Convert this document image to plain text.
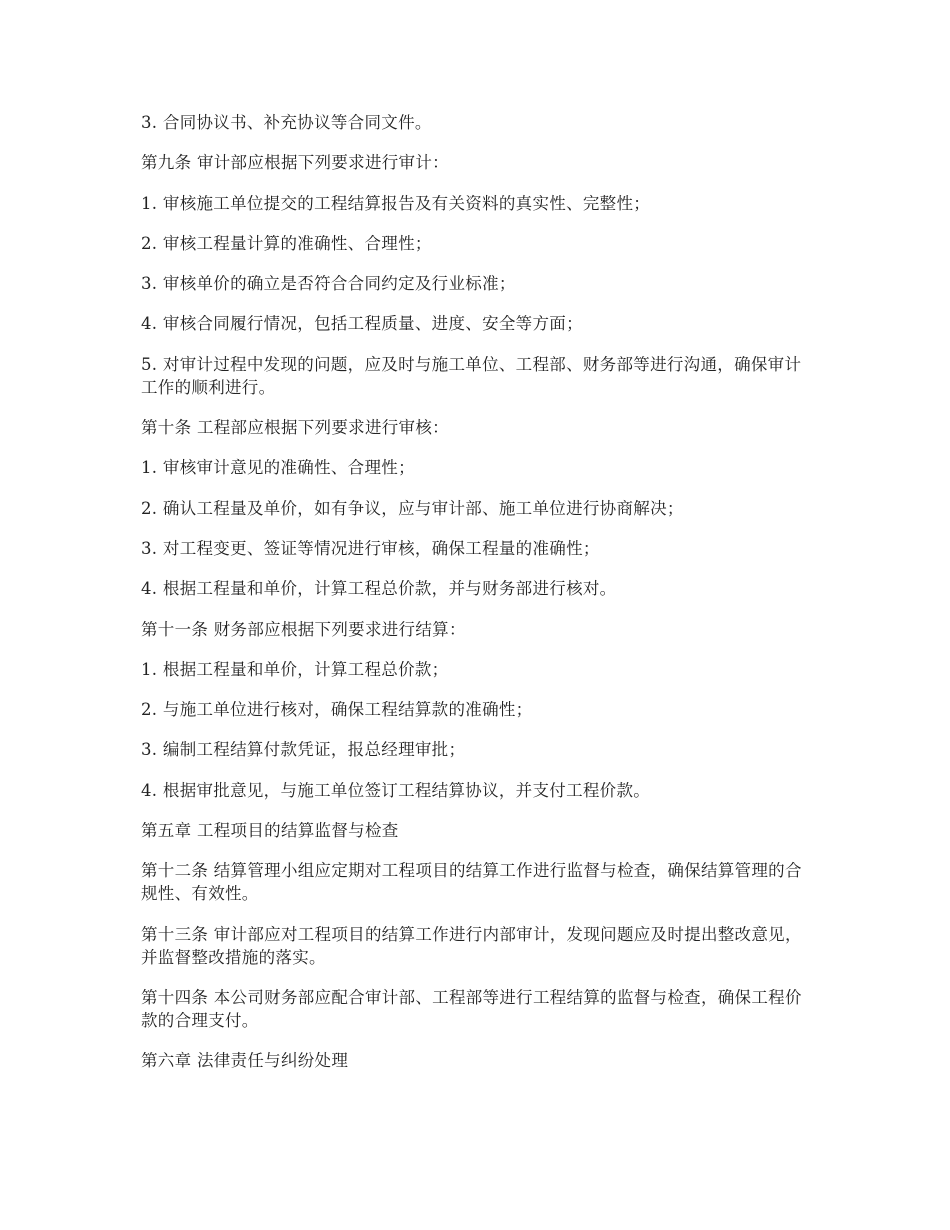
3. 合同协议书、补充协议等合同文件。

第九条 审计部应根据下列要求进行审计：

1. 审核施工单位提交的工程结算报告及有关资料的真实性、完整性；

2. 审核工程量计算的准确性、合理性；

3. 审核单价的确立是否符合合同约定及行业标准；

4. 审核合同履行情况，包括工程质量、进度、安全等方面；

5. 对审计过程中发现的问题，应及时与施工单位、工程部、财务部等进行沟通，确保审计工作的顺利进行。

第十条 工程部应根据下列要求进行审核：

1. 审核审计意见的准确性、合理性；

2. 确认工程量及单价，如有争议，应与审计部、施工单位进行协商解决；

3. 对工程变更、签证等情况进行审核，确保工程量的准确性；

4. 根据工程量和单价，计算工程总价款，并与财务部进行核对。

第十一条 财务部应根据下列要求进行结算：

1. 根据工程量和单价，计算工程总价款；

2. 与施工单位进行核对，确保工程结算款的准确性；

3. 编制工程结算付款凭证，报总经理审批；

4. 根据审批意见，与施工单位签订工程结算协议，并支付工程价款。

第五章 工程项目的结算监督与检查

第十二条 结算管理小组应定期对工程项目的结算工作进行监督与检查，确保结算管理的合规性、有效性。

第十三条 审计部应对工程项目的结算工作进行内部审计，发现问题应及时提出整改意见，并监督整改措施的落实。

第十四条 本公司财务部应配合审计部、工程部等进行工程结算的监督与检查，确保工程价款的合理支付。

第六章 法律责任与纠纷处理
